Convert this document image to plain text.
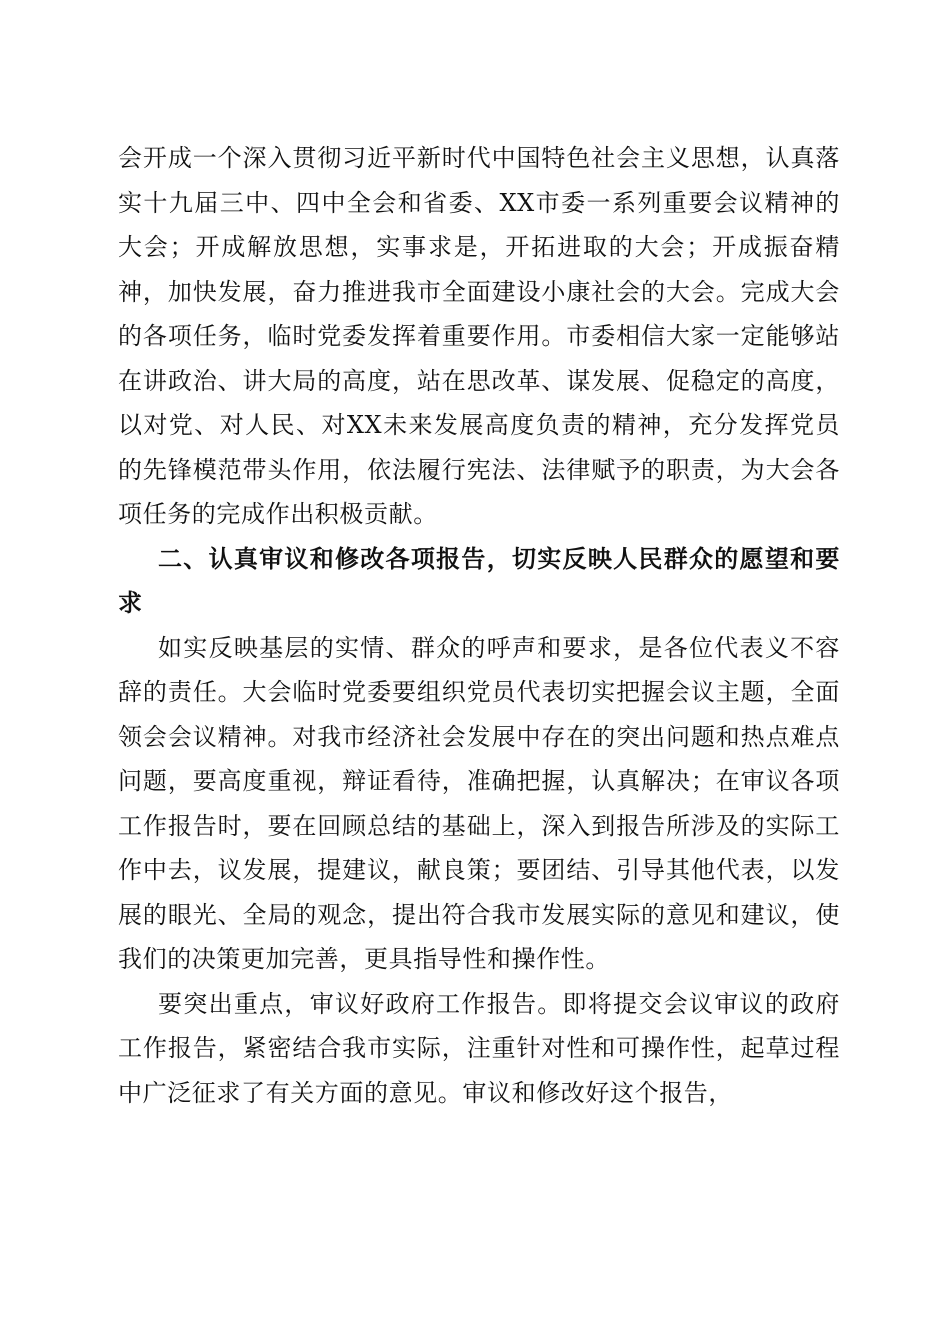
会开成一个深入贯彻习近平新时代中国特色社会主义思想，认真落实十九届三中、四中全会和省委、XX市委一系列重要会议精神的大会；开成解放思想，实事求是，开拓进取的大会；开成振奋精神，加快发展，奋力推进我市全面建设小康社会的大会。完成大会的各项任务，临时党委发挥着重要作用。市委相信大家一定能够站在讲政治、讲大局的高度，站在思改革、谋发展、促稳定的高度，以对党、对人民、对XX未来发展高度负责的精神，充分发挥党员的先锋模范带头作用，依法履行宪法、法律赋予的职责，为大会各项任务的完成作出积极贡献。

二、认真审议和修改各项报告，切实反映人民群众的愿望和要求

如实反映基层的实情、群众的呼声和要求，是各位代表义不容辞的责任。大会临时党委要组织党员代表切实把握会议主题，全面领会会议精神。对我市经济社会发展中存在的突出问题和热点难点问题，要高度重视，辩证看待，准确把握，认真解决；在审议各项工作报告时，要在回顾总结的基础上，深入到报告所涉及的实际工作中去，议发展，提建议，献良策；要团结、引导其他代表，以发展的眼光、全局的观念，提出符合我市发展实际的意见和建议，使我们的决策更加完善，更具指导性和操作性。

要突出重点，审议好政府工作报告。即将提交会议审议的政府工作报告，紧密结合我市实际，注重针对性和可操作性，起草过程中广泛征求了有关方面的意见。审议和修改好这个报告，
